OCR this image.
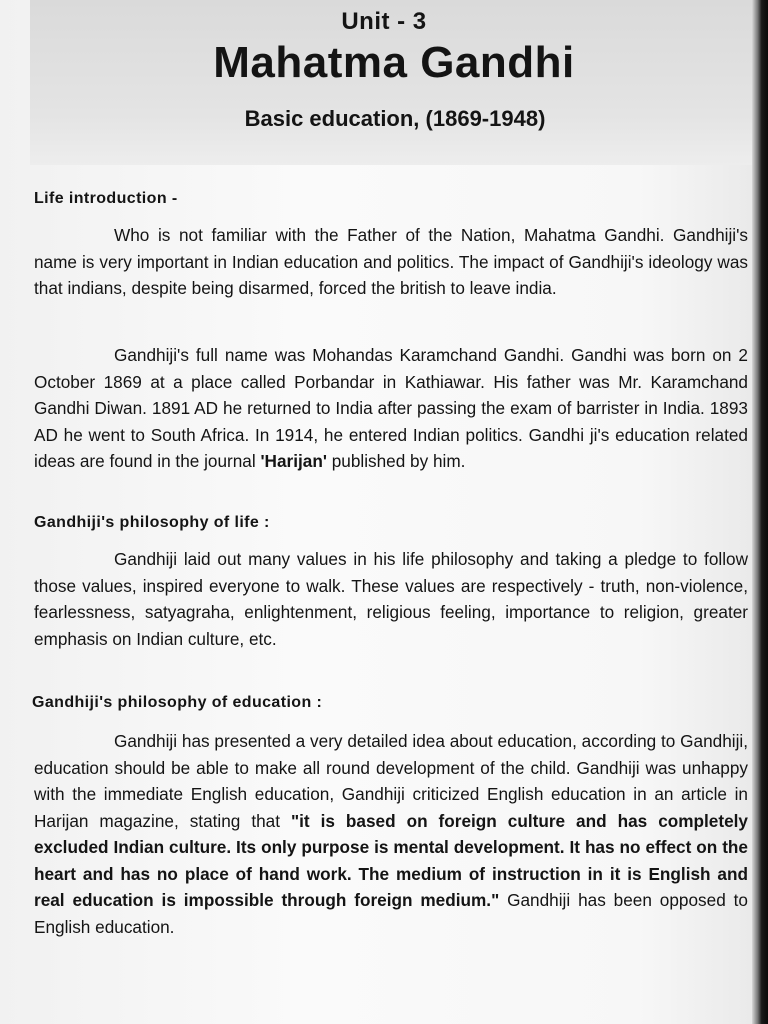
Unit - 3
Mahatma Gandhi
Basic education, (1869-1948)
Life introduction -

Who is not familiar with the Father of the Nation, Mahatma Gandhi. Gandhiji's name is very important in Indian education and politics. The impact of Gandhiji's ideology was that indians, despite being disarmed, forced the british to leave india.

Gandhiji's full name was Mohandas Karamchand Gandhi. Gandhi was born on 2 October 1869 at a place called Porbandar in Kathiawar. His father was Mr. Karamchand Gandhi Diwan. 1891 AD he returned to India after passing the exam of barrister in India. 1893 AD he went to South Africa. In 1914, he entered Indian politics. Gandhi ji's education related ideas are found in the journal 'Harijan' published by him.

Gandhiji's philosophy of life :

Gandhiji laid out many values in his life philosophy and taking a pledge to follow those values, inspired everyone to walk. These values are respectively - truth, non-violence, fearlessness, satyagraha, enlightenment, religious feeling, importance to religion, greater emphasis on Indian culture, etc.

Gandhiji's philosophy of education :

Gandhiji has presented a very detailed idea about education, according to Gandhiji, education should be able to make all round development of the child. Gandhiji was unhappy with the immediate English education, Gandhiji criticized English education in an article in Harijan magazine, stating that "it is based on foreign culture and has completely excluded Indian culture. Its only purpose is mental development. It has no effect on the heart and has no place of hand work. The medium of instruction in it is English and real education is impossible through foreign medium." Gandhiji has been opposed to English education.
